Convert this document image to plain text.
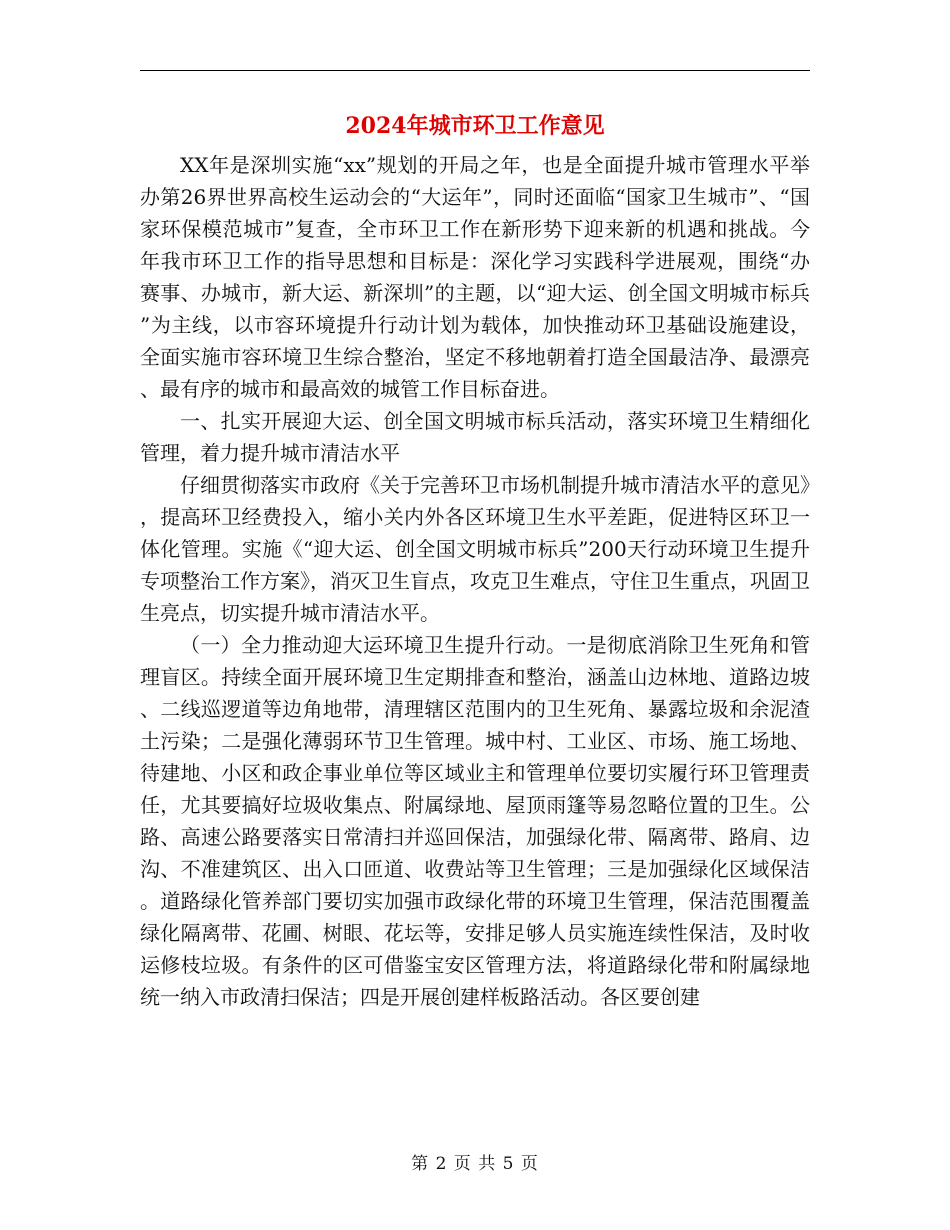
2024年城市环卫工作意见

XX年是深圳实施“xx”规划的开局之年，也是全面提升城市管理水平举办第26界世界高校生运动会的“大运年”，同时还面临“国家卫生城市”、“国家环保模范城市”复查，全市环卫工作在新形势下迎来新的机遇和挑战。今年我市环卫工作的指导思想和目标是：深化学习实践科学进展观，围绕“办赛事、办城市，新大运、新深圳”的主题，以“迎大运、创全国文明城市标兵”为主线，以市容环境提升行动计划为载体，加快推动环卫基础设施建设，全面实施市容环境卫生综合整治，坚定不移地朝着打造全国最洁净、最漂亮、最有序的城市和最高效的城管工作目标奋进。

一、扎实开展迎大运、创全国文明城市标兵活动，落实环境卫生精细化管理，着力提升城市清洁水平

仔细贯彻落实市政府《关于完善环卫市场机制提升城市清洁水平的意见》，提高环卫经费投入，缩小关内外各区环境卫生水平差距，促进特区环卫一体化管理。实施《“迎大运、创全国文明城市标兵”200天行动环境卫生提升专项整治工作方案》，消灭卫生盲点，攻克卫生难点，守住卫生重点，巩固卫生亮点，切实提升城市清洁水平。

（一）全力推动迎大运环境卫生提升行动。一是彻底消除卫生死角和管理盲区。持续全面开展环境卫生定期排查和整治，涵盖山边林地、道路边坡、二线巡逻道等边角地带，清理辖区范围内的卫生死角、暴露垃圾和余泥渣土污染；二是强化薄弱环节卫生管理。城中村、工业区、市场、施工场地、待建地、小区和政企事业单位等区域业主和管理单位要切实履行环卫管理责任，尤其要搞好垃圾收集点、附属绿地、屋顶雨篷等易忽略位置的卫生。公路、高速公路要落实日常清扫并巡回保洁，加强绿化带、隔离带、路肩、边沟、不准建筑区、出入口匝道、收费站等卫生管理；三是加强绿化区域保洁。道路绿化管养部门要切实加强市政绿化带的环境卫生管理，保洁范围覆盖绿化隔离带、花圃、树眼、花坛等，安排足够人员实施连续性保洁，及时收运修枝垃圾。有条件的区可借鉴宝安区管理方法，将道路绿化带和附属绿地统一纳入市政清扫保洁；四是开展创建样板路活动。各区要创建

第 2 页 共 5 页
